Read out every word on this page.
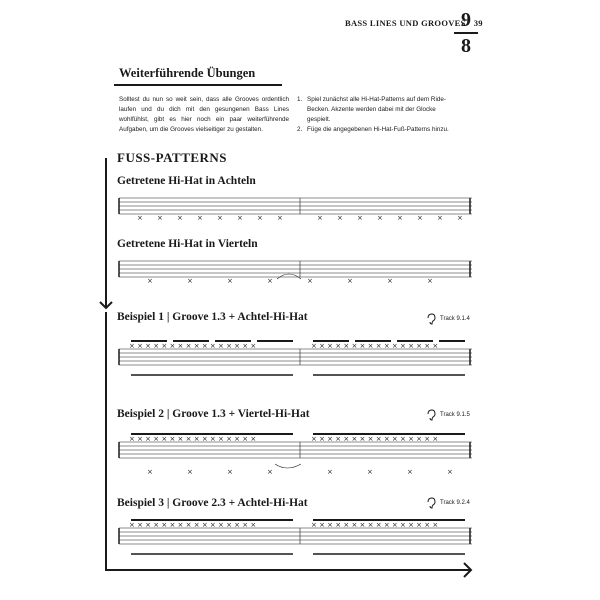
BASS LINES UND GROOVES 39
9
8
Weiterführende Übungen
Solltest du nun so weit sein, dass alle Grooves ordentlich laufen und du dich mit den gesungenen Bass Lines wohlfühlst, gibt es hier noch ein paar weiterführende Aufgaben, um die Grooves vielseitiger zu gestalten.
1. Spiel zunächst alle Hi-Hat-Patterns auf dem Ride-Becken. Akzente werden dabei mit der Glocke gespielt.
2. Füge die angegebenen Hi-Hat-Fuß-Patterns hinzu.
FUSS-PATTERNS
Getretene Hi-Hat in Achteln
× × × × × × × ×	× × × × × × × ×
Getretene Hi-Hat in Vierteln
×	×	×	×	×	×	×	×
Beispiel 1 | Groove 1.3 + Achtel-Hi-Hat	Track 9.1.4
× × × × × × × × × × × × × × × ×	× × × × × × × × × × × × × × × ×
Beispiel 2 | Groove 1.3 + Viertel-Hi-Hat	Track 9.1.5
× × × × × × × × × × × × × × × ×	× × × × × × × × × × × × × × × ×
×	×	×	×	×	×	×	×
Beispiel 3 | Groove 2.3 + Achtel-Hi-Hat	Track 9.2.4
× × × × × × × × × × × × × × × ×	× × × × × × × × × × × × × × × ×
